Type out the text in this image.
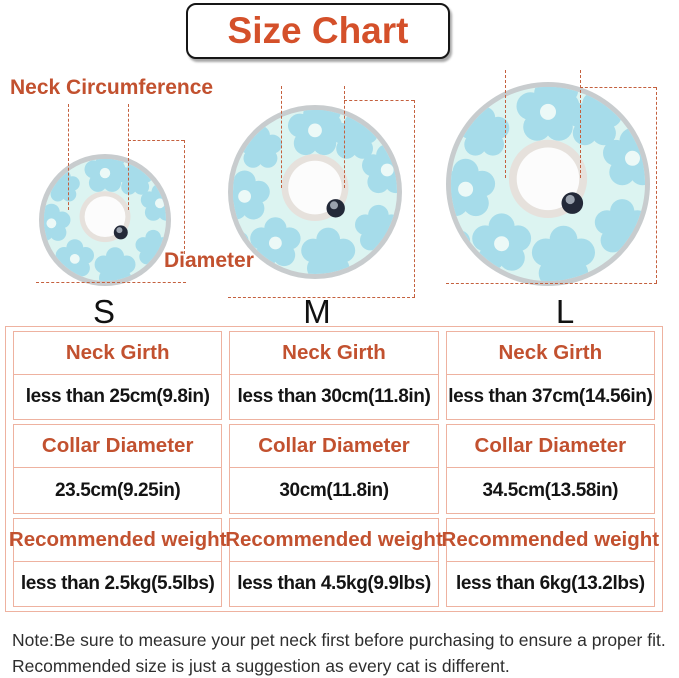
Size Chart
Neck Circumference
Diameter
S	M	L
Neck Girth
less than 25cm(9.8in)
Collar Diameter
23.5cm(9.25in)
Recommended weight
less than 2.5kg(5.5lbs)
Neck Girth
less than 30cm(11.8in)
Collar Diameter
30cm(11.8in)
Recommended weight
less than 4.5kg(9.9lbs)
Neck Girth
less than 37cm(14.56in)
Collar Diameter
34.5cm(13.58in)
Recommended weight
less than 6kg(13.2lbs)
Note:Be sure to measure your pet neck first before purchasing to ensure a proper fit.
Recommended size is just a suggestion as every cat is different.
